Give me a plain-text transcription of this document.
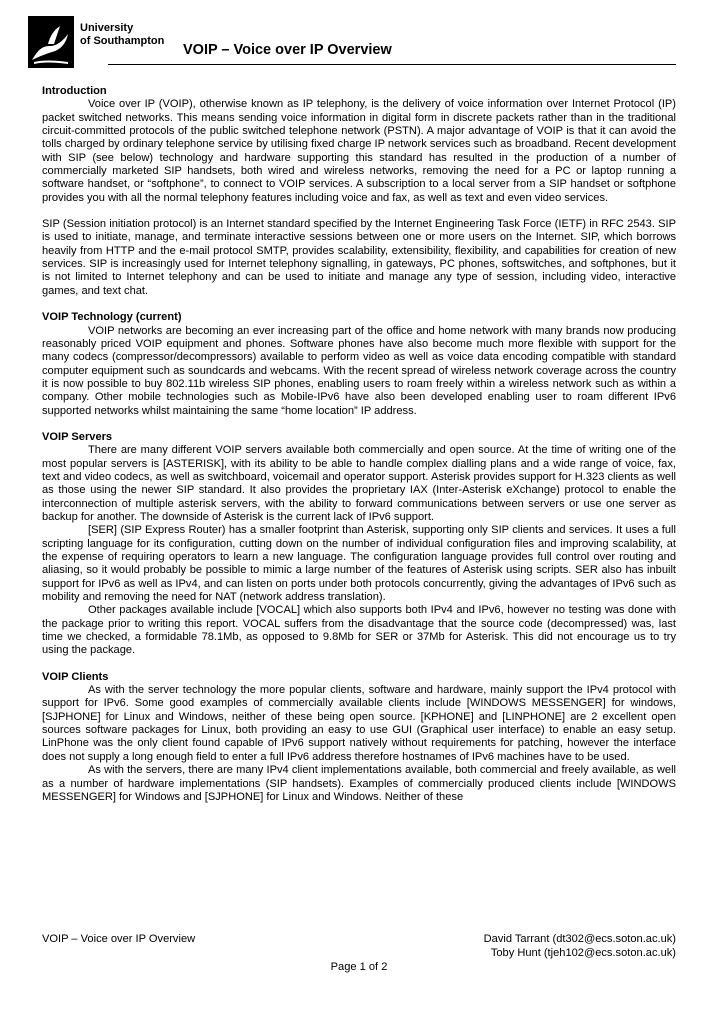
University
of Southampton
VOIP – Voice over IP Overview
Introduction

Voice over IP (VOIP), otherwise known as IP telephony, is the delivery of voice information over Internet Protocol (IP) packet switched networks. This means sending voice information in digital form in discrete packets rather than in the traditional circuit-committed protocols of the public switched telephone network (PSTN). A major advantage of VOIP is that it can avoid the tolls charged by ordinary telephone service by utilising fixed charge IP network services such as broadband. Recent development with SIP (see below) technology and hardware supporting this standard has resulted in the production of a number of commercially marketed SIP handsets, both wired and wireless networks, removing the need for a PC or laptop running a software handset, or “softphone”, to connect to VOIP services. A subscription to a local server from a SIP handset or softphone provides you with all the normal telephony features including voice and fax, as well as text and even video services.

SIP (Session initiation protocol) is an Internet standard specified by the Internet Engineering Task Force (IETF) in RFC 2543. SIP is used to initiate, manage, and terminate interactive sessions between one or more users on the Internet. SIP, which borrows heavily from HTTP and the e-mail protocol SMTP, provides scalability, extensibility, flexibility, and capabilities for creation of new services. SIP is increasingly used for Internet telephony signalling, in gateways, PC phones, softswitches, and softphones, but it is not limited to Internet telephony and can be used to initiate and manage any type of session, including video, interactive games, and text chat.

VOIP Technology (current)

VOIP networks are becoming an ever increasing part of the office and home network with many brands now producing reasonably priced VOIP equipment and phones. Software phones have also become much more flexible with support for the many codecs (compressor/decompressors) available to perform video as well as voice data encoding compatible with standard computer equipment such as soundcards and webcams. With the recent spread of wireless network coverage across the country it is now possible to buy 802.11b wireless SIP phones, enabling users to roam freely within a wireless network such as within a company. Other mobile technologies such as Mobile-IPv6 have also been developed enabling user to roam different IPv6 supported networks whilst maintaining the same “home location” IP address.

VOIP Servers

There are many different VOIP servers available both commercially and open source. At the time of writing one of the most popular servers is [ASTERISK], with its ability to be able to handle complex dialling plans and a wide range of voice, fax, text and video codecs, as well as switchboard, voicemail and operator support. Asterisk provides support for H.323 clients as well as those using the newer SIP standard. It also provides the proprietary IAX (Inter-Asterisk eXchange) protocol to enable the interconnection of multiple asterisk servers, with the ability to forward communications between servers or use one server as backup for another. The downside of Asterisk is the current lack of IPv6 support.

[SER] (SIP Express Router) has a smaller footprint than Asterisk, supporting only SIP clients and services. It uses a full scripting language for its configuration, cutting down on the number of individual configuration files and improving scalability, at the expense of requiring operators to learn a new language. The configuration language provides full control over routing and aliasing, so it would probably be possible to mimic a large number of the features of Asterisk using scripts. SER also has inbuilt support for IPv6 as well as IPv4, and can listen on ports under both protocols concurrently, giving the advantages of IPv6 such as mobility and removing the need for NAT (network address translation).

Other packages available include [VOCAL] which also supports both IPv4 and IPv6, however no testing was done with the package prior to writing this report. VOCAL suffers from the disadvantage that the source code (decompressed) was, last time we checked, a formidable 78.1Mb, as opposed to 9.8Mb for SER or 37Mb for Asterisk. This did not encourage us to try using the package.

VOIP Clients

As with the server technology the more popular clients, software and hardware, mainly support the IPv4 protocol with support for IPv6. Some good examples of commercially available clients include [WINDOWS MESSENGER] for windows, [SJPHONE] for Linux and Windows, neither of these being open source. [KPHONE] and [LINPHONE] are 2 excellent open sources software packages for Linux, both providing an easy to use GUI (Graphical user interface) to enable an easy setup. LinPhone was the only client found capable of IPv6 support natively without requirements for patching, however the interface does not supply a long enough field to enter a full IPv6 address therefore hostnames of IPv6 machines have to be used.

As with the servers, there are many IPv4 client implementations available, both commercial and freely available, as well as a number of hardware implementations (SIP handsets). Examples of commercially produced clients include [WINDOWS MESSENGER] for Windows and [SJPHONE] for Linux and Windows. Neither of these

VOIP – Voice over IP Overview	David Tarrant (dt302@ecs.soton.ac.uk)
Toby Hunt (tjeh102@ecs.soton.ac.uk)
Page 1 of 2
